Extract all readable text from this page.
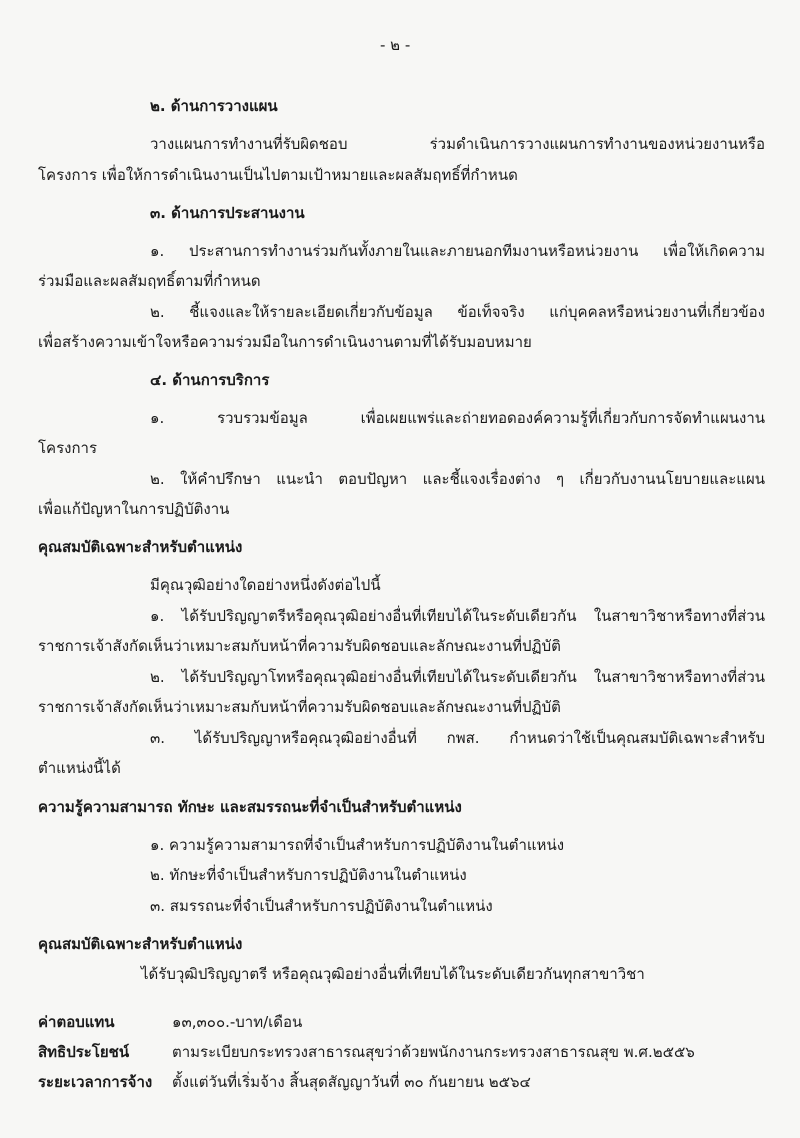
- ๒ -
๒. ด้านการวางแผน
วางแผนการทำงานที่รับผิดชอบ ร่วมดำเนินการวางแผนการทำงานของหน่วยงานหรือ
โครงการ เพื่อให้การดำเนินงานเป็นไปตามเป้าหมายและผลสัมฤทธิ์ที่กำหนด
๓. ด้านการประสานงาน
๑. ประสานการทำงานร่วมกันทั้งภายในและภายนอกทีมงานหรือหน่วยงาน เพื่อให้เกิดความ
ร่วมมือและผลสัมฤทธิ์ตามที่กำหนด
๒. ชี้แจงและให้รายละเอียดเกี่ยวกับข้อมูล ข้อเท็จจริง แก่บุคคลหรือหน่วยงานที่เกี่ยวข้อง
เพื่อสร้างความเข้าใจหรือความร่วมมือในการดำเนินงานตามที่ได้รับมอบหมาย
๔. ด้านการบริการ
๑. รวบรวมข้อมูล เพื่อเผยแพร่และถ่ายทอดองค์ความรู้ที่เกี่ยวกับการจัดทำแผนงาน
โครงการ
๒. ให้คำปรึกษา แนะนำ ตอบปัญหา และชี้แจงเรื่องต่าง ๆ เกี่ยวกับงานนโยบายและแผน
เพื่อแก้ปัญหาในการปฏิบัติงาน
คุณสมบัติเฉพาะสำหรับตำแหน่ง
มีคุณวุฒิอย่างใดอย่างหนึ่งดังต่อไปนี้
๑. ได้รับปริญญาตรีหรือคุณวุฒิอย่างอื่นที่เทียบได้ในระดับเดียวกัน ในสาขาวิชาหรือทางที่ส่วน
ราชการเจ้าสังกัดเห็นว่าเหมาะสมกับหน้าที่ความรับผิดชอบและลักษณะงานที่ปฏิบัติ
๒. ได้รับปริญญาโทหรือคุณวุฒิอย่างอื่นที่เทียบได้ในระดับเดียวกัน ในสาขาวิชาหรือทางที่ส่วน
ราชการเจ้าสังกัดเห็นว่าเหมาะสมกับหน้าที่ความรับผิดชอบและลักษณะงานที่ปฏิบัติ
๓. ได้รับปริญญาหรือคุณวุฒิอย่างอื่นที่ กพส. กำหนดว่าใช้เป็นคุณสมบัติเฉพาะสำหรับ
ตำแหน่งนี้ได้
ความรู้ความสามารถ ทักษะ และสมรรถนะที่จำเป็นสำหรับตำแหน่ง
๑. ความรู้ความสามารถที่จำเป็นสำหรับการปฏิบัติงานในตำแหน่ง
๒. ทักษะที่จำเป็นสำหรับการปฏิบัติงานในตำแหน่ง
๓. สมรรถนะที่จำเป็นสำหรับการปฏิบัติงานในตำแหน่ง
คุณสมบัติเฉพาะสำหรับตำแหน่ง
ได้รับวุฒิปริญญาตรี หรือคุณวุฒิอย่างอื่นที่เทียบได้ในระดับเดียวกันทุกสาขาวิชา
ค่าตอบแทน	๑๓,๓๐๐.-บาท/เดือน
สิทธิประโยชน์	ตามระเบียบกระทรวงสาธารณสุขว่าด้วยพนักงานกระทรวงสาธารณสุข พ.ศ.๒๕๕๖
ระยะเวลาการจ้าง ตั้งแต่วันที่เริ่มจ้าง สิ้นสุดสัญญาวันที่ ๓๐ กันยายน ๒๕๖๔
